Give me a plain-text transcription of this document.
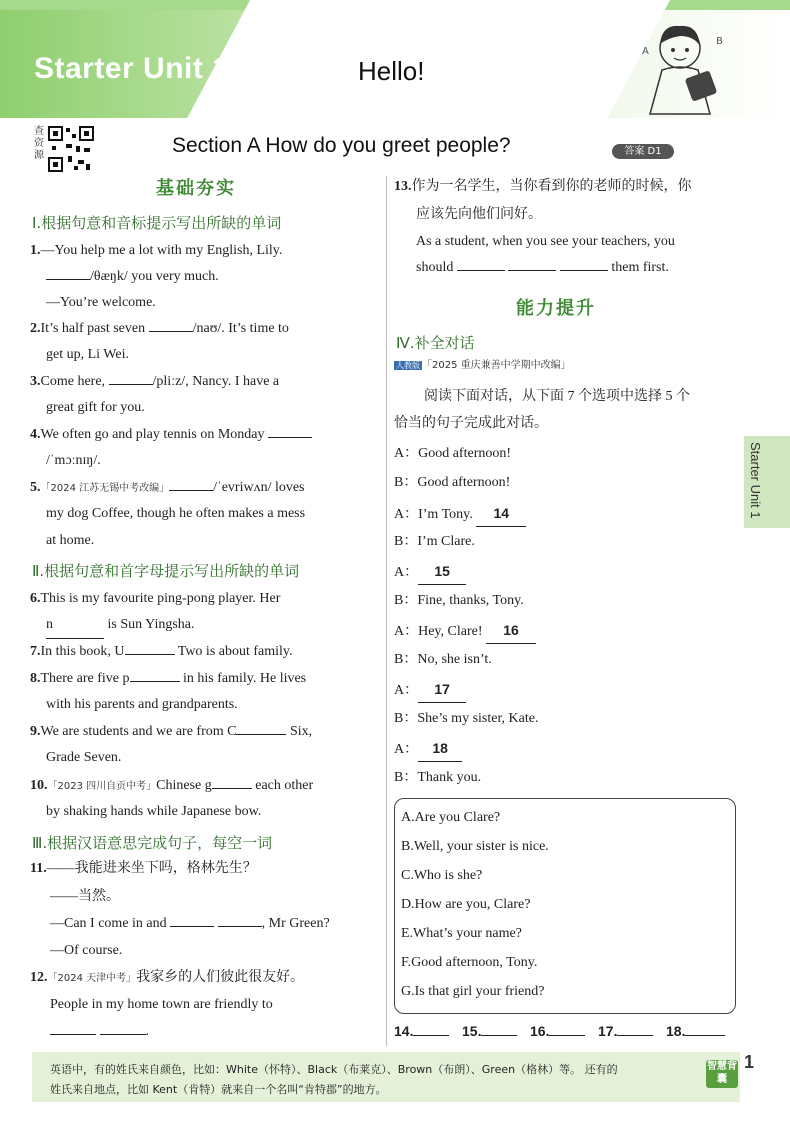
Starter Unit 1	Hello!
A
B
查资源	Section A How do you greet people?	答案 D1
基础夯实
Ⅰ.根据句意和音标提示写出所缺的单词
1.—You help me a lot with my English, Lily.
/θæŋk/ you very much.
—You’re welcome.
2.It’s half past seven	/naʊ/. It’s time to
get up, Li Wei.
3.Come here,	/pliːz/, Nancy. I have a
great gift for you.
4.We often go and play tennis on Monday
/ˈmɔːnɪŋ/.
5.「2024 江苏无锡中考改编」	/ˈevriwʌn/ loves
my dog Coffee, though he often makes a mess
at home.
Ⅱ.根据句意和首字母提示写出所缺的单词
6.This is my favourite ping-pong player. Her
n	is Sun Yingsha.
7.In this book, U	Two is about family.
8.There are five p	in his family. He lives
with his parents and grandparents.
9.We are students and we are from C	Six,
Grade Seven.
10.「2023 四川自贡中考」Chinese g	each other
by shaking hands while Japanese bow.
Ⅲ.根据汉语意思完成句子，每空一词
11.——我能进来坐下吗，格林先生？
——当然。
—Can I come in and	, Mr Green?
—Of course.
12.「2024 天津中考」我家乡的人们彼此很友好。
People in my home town are friendly to
.
13.作为一名学生，当你看到你的老师的时候，你
应该先向他们问好。
As a student, when you see your teachers, you
should	them first.
能力提升
Ⅳ.补全对话
人教版 「2025 重庆兼善中学期中改编」
阅读下面对话，从下面 7 个选项中选择 5 个
恰当的句子完成此对话。
A：Good afternoon!
B：Good afternoon!
A：I’m Tony. 14
B：I’m Clare.
A： 15
B：Fine, thanks, Tony.
A：Hey, Clare! 16
B：No, she isn’t.
A： 17
B：She’s my sister, Kate.
A： 18
B：Thank you.
A.Are you Clare?
B.Well, your sister is nice.
C.Who is she?
D.How are you, Clare?
E.What’s your name?
F.Good afternoon, Tony.
G.Is that girl your friend?
14.	15.	16.	17.	18.
Starter Unit 1
英语中，有的姓氏来自颜色，比如：White（怀特）、Black（布莱克）、Brown（布朗）、Green（格林）等。 还有的
姓氏来自地点，比如 Kent（肯特）就来自一个名叫“肯特郡”的地方。
智慧背囊
1
